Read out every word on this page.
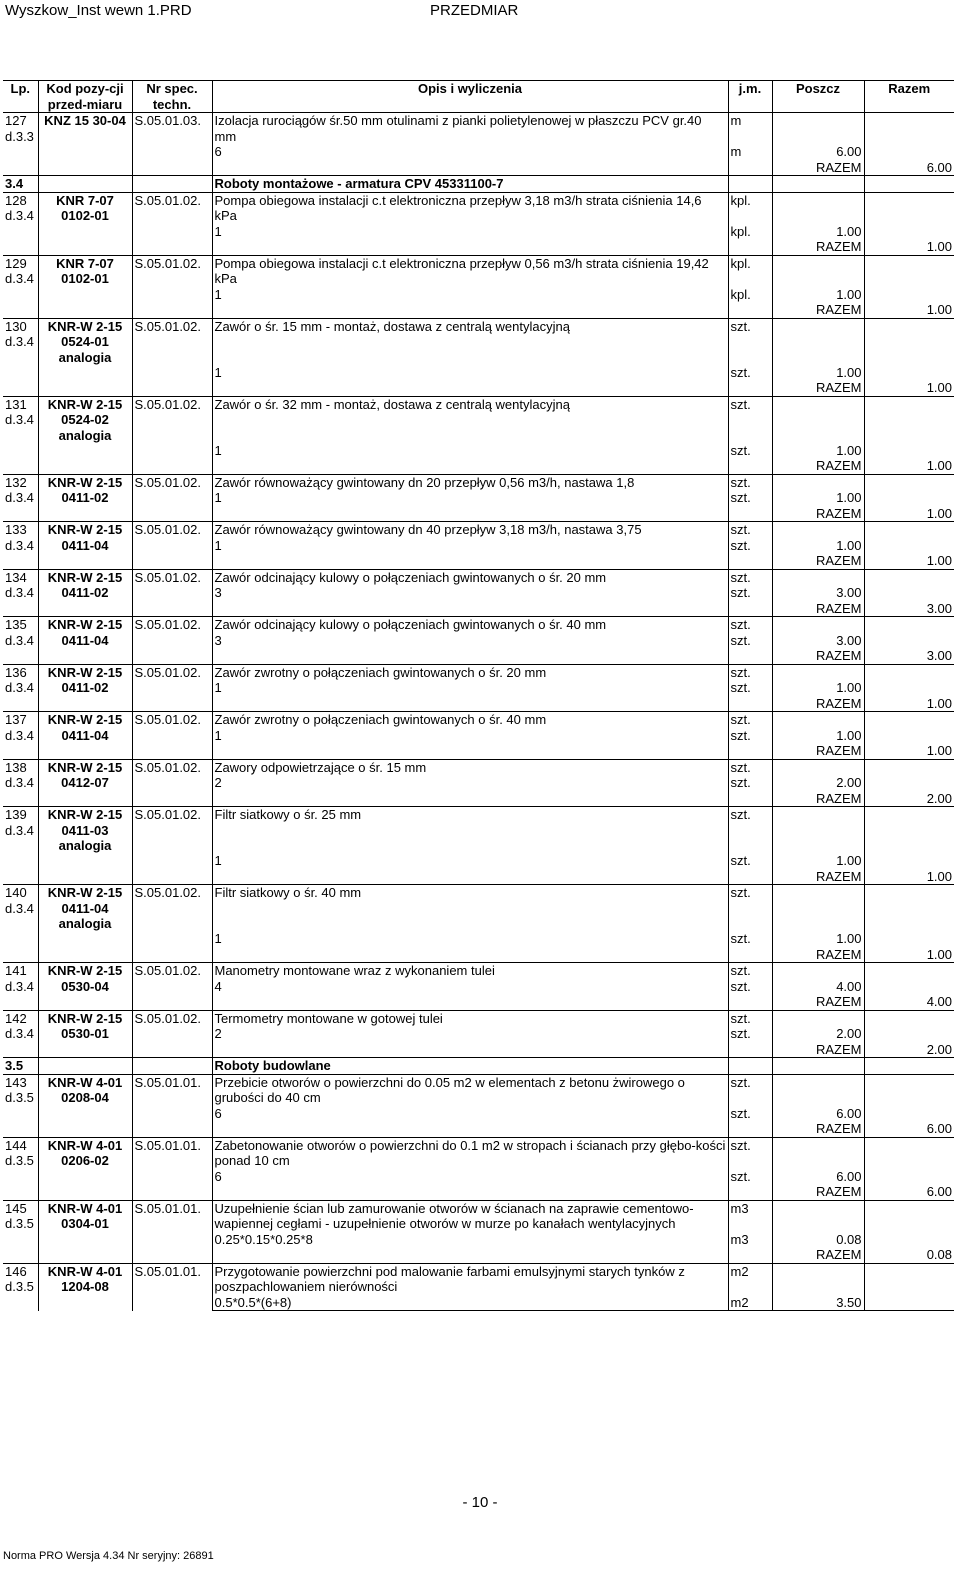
Wyszkow_Inst wewn 1.PRD	PRZEDMIAR
Lp.	Kod pozy-cji przed-miaru	Nr spec. techn.	Opis i wyliczenia	j.m.	Poszcz	Razem
127 d.3.3	KNZ 15 30-04	S.05.01.03.	Izolacja rurociągów śr.50 mm otulinami z pianki polietylenowej w płaszczu PCV gr.40 mm	m		
			6	m	6.00	
					RAZEM	6.00
3.4			Roboty montażowe - armatura CPV 45331100-7			
128 d.3.4	KNR 7-07 0102-01	S.05.01.02.	Pompa obiegowa instalacji c.t elektroniczna przepływ 3,18 m3/h strata ciśnienia 14,6 kPa	kpl.		
			1	kpl.	1.00	
					RAZEM	1.00
129 d.3.4	KNR 7-07 0102-01	S.05.01.02.	Pompa obiegowa instalacji c.t elektroniczna przepływ 0,56 m3/h strata ciśnienia 19,42 kPa	kpl.		
			1	kpl.	1.00	
					RAZEM	1.00
130 d.3.4	KNR-W 2-15 0524-01 analogia	S.05.01.02.	Zawór o śr. 15 mm - montaż, dostawa z centralą wentylacyjną	szt.		
			1	szt.	1.00	
					RAZEM	1.00
131 d.3.4	KNR-W 2-15 0524-02 analogia	S.05.01.02.	Zawór o śr. 32 mm - montaż, dostawa z centralą wentylacyjną	szt.		
			1	szt.	1.00	
					RAZEM	1.00
132 d.3.4	KNR-W 2-15 0411-02	S.05.01.02.	Zawór równoważący gwintowany dn 20 przepływ 0,56 m3/h, nastawa 1,8	szt.		
			1	szt.	1.00	
					RAZEM	1.00
133 d.3.4	KNR-W 2-15 0411-04	S.05.01.02.	Zawór równoważący gwintowany dn 40 przepływ 3,18 m3/h, nastawa 3,75	szt.		
			1	szt.	1.00	
					RAZEM	1.00
134 d.3.4	KNR-W 2-15 0411-02	S.05.01.02.	Zawór odcinający kulowy o połączeniach gwintowanych o śr. 20 mm	szt.		
			3	szt.	3.00	
					RAZEM	3.00
135 d.3.4	KNR-W 2-15 0411-04	S.05.01.02.	Zawór odcinający kulowy o połączeniach gwintowanych o śr. 40 mm	szt.		
			3	szt.	3.00	
					RAZEM	3.00
136 d.3.4	KNR-W 2-15 0411-02	S.05.01.02.	Zawór zwrotny o połączeniach gwintowanych o śr. 20 mm	szt.		
			1	szt.	1.00	
					RAZEM	1.00
137 d.3.4	KNR-W 2-15 0411-04	S.05.01.02.	Zawór zwrotny o połączeniach gwintowanych o śr. 40 mm	szt.		
			1	szt.	1.00	
					RAZEM	1.00
138 d.3.4	KNR-W 2-15 0412-07	S.05.01.02.	Zawory odpowietrzające o śr. 15 mm	szt.		
			2	szt.	2.00	
					RAZEM	2.00
139 d.3.4	KNR-W 2-15 0411-03 analogia	S.05.01.02.	Filtr siatkowy o śr. 25 mm	szt.		
			1	szt.	1.00	
					RAZEM	1.00
140 d.3.4	KNR-W 2-15 0411-04 analogia	S.05.01.02.	Filtr siatkowy o śr. 40 mm	szt.		
			1	szt.	1.00	
					RAZEM	1.00
141 d.3.4	KNR-W 2-15 0530-04	S.05.01.02.	Manometry montowane wraz z wykonaniem tulei	szt.		
			4	szt.	4.00	
					RAZEM	4.00
142 d.3.4	KNR-W 2-15 0530-01	S.05.01.02.	Termometry montowane w gotowej tulei	szt.		
			2	szt.	2.00	
					RAZEM	2.00
3.5			Roboty budowlane			
143 d.3.5	KNR-W 4-01 0208-04	S.05.01.01.	Przebicie otworów o powierzchni do 0.05 m2 w elementach z betonu żwirowego o grubości do 40 cm	szt.		
			6	szt.	6.00	
					RAZEM	6.00
144 d.3.5	KNR-W 4-01 0206-02	S.05.01.01.	Zabetonowanie otworów o powierzchni do 0.1 m2 w stropach i ścianach przy głębo-kości ponad 10 cm	szt.		
			6	szt.	6.00	
					RAZEM	6.00
145 d.3.5	KNR-W 4-01 0304-01	S.05.01.01.	Uzupełnienie ścian lub zamurowanie otworów w ścianach na zaprawie cementowo-wapiennej cegłami - uzupełnienie otworów w murze po kanałach wentylacyjnych	m3		
			0.25*0.15*0.25*8	m3	0.08	
					RAZEM	0.08
146 d.3.5	KNR-W 4-01 1204-08	S.05.01.01.	Przygotowanie powierzchni pod malowanie farbami emulsyjnymi starych tynków z poszpachlowaniem nierówności	m2		
			0.5*0.5*(6+8)	m2	3.50	

- 10 -
Norma PRO Wersja 4.34 Nr seryjny: 26891
